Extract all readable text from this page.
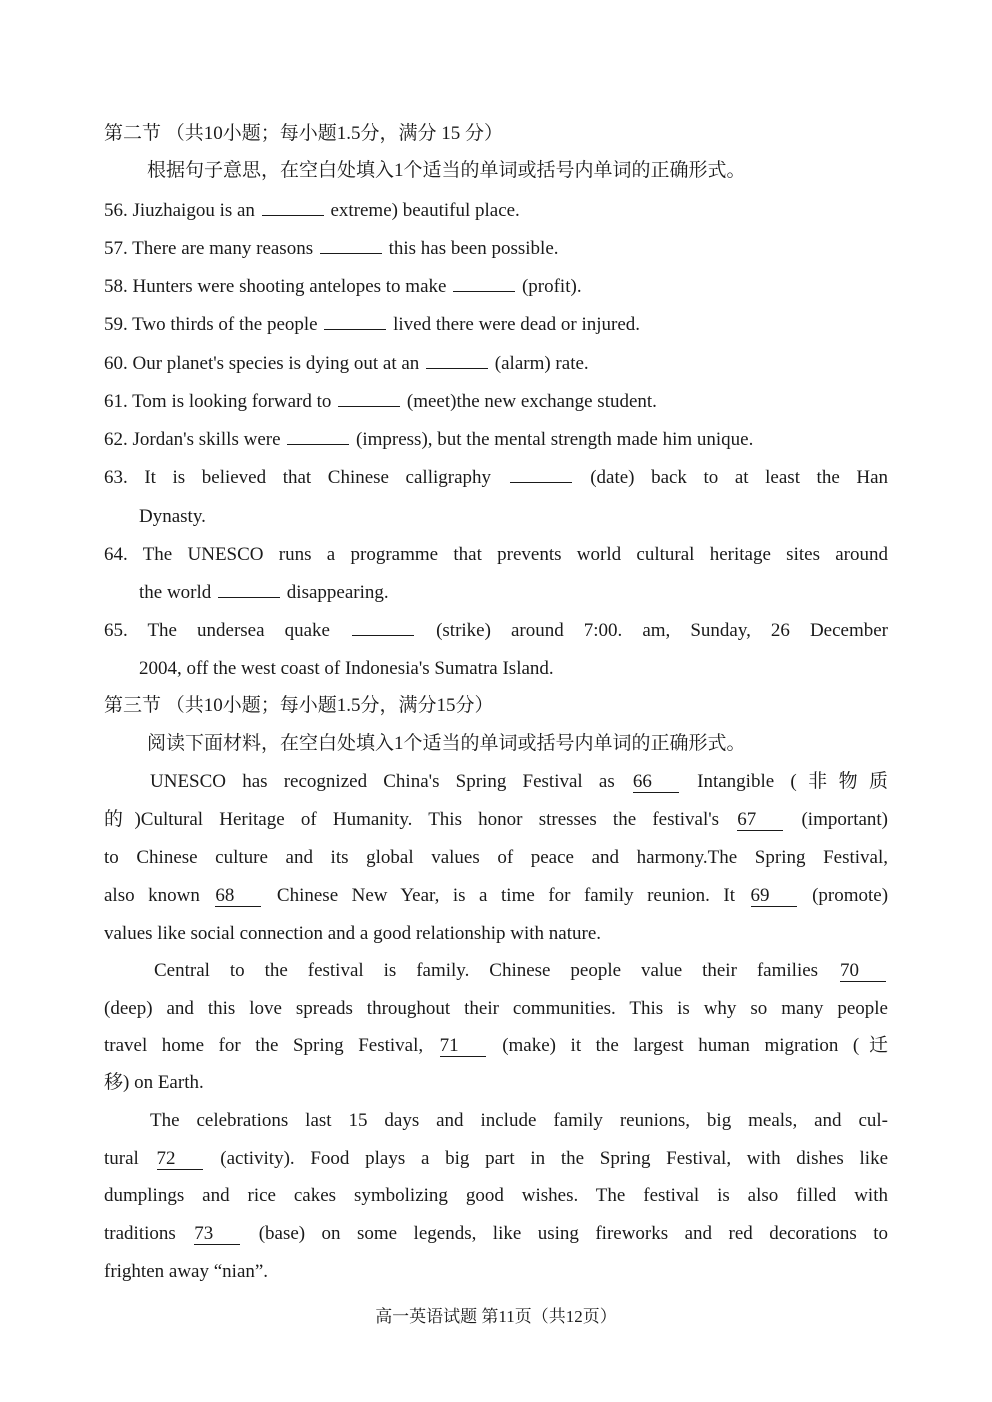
第二节 （共10小题；每小题1.5分，满分 15 分）
根据句子意思，在空白处填入1个适当的单词或括号内单词的正确形式。
56. Jiuzhaigou is an	extreme) beautiful place.
57. There are many reasons	this has been possible.
58. Hunters were shooting antelopes to make	(profit).
59. Two thirds of the people	lived there were dead or injured.
60. Our planet's species is dying out at an	(alarm) rate.
61. Tom is looking forward to	(meet)the new exchange student.
62. Jordan's skills were	(impress), but the mental strength made him unique.
63. It is believed that Chinese calligraphy	(date) back to at least the Han
Dynasty.
64. The UNESCO runs a programme that prevents world cultural heritage sites around
the world	disappearing.
65. The undersea quake	(strike) around 7:00. am, Sunday, 26 December
2004, off the west coast of Indonesia's Sumatra Island.
第三节 （共10小题；每小题1.5分，满分15分）
阅读下面材料，在空白处填入1个适当的单词或括号内单词的正确形式。
UNESCO has recognized China's Spring Festival as 66 Intangible (非物质
的)Cultural Heritage of Humanity. This honor stresses the festival's 67 (important)
to Chinese culture and its global values of peace and harmony.The Spring Festival,
also known 68 Chinese New Year, is a time for family reunion. It 69 (promote)
values like social connection and a good relationship with nature.
Central to the festival is family. Chinese people value their families 70
(deep) and this love spreads throughout their communities. This is why so many people
travel home for the Spring Festival, 71 (make) it the largest human migration (迁
移) on Earth.
The celebrations last 15 days and include family reunions, big meals, and cul-
tural 72 (activity). Food plays a big part in the Spring Festival, with dishes like
dumplings and rice cakes symbolizing good wishes. The festival is also filled with
traditions 73 (base) on some legends, like using fireworks and red decorations to
frighten away “nian”.
高一英语试题 第11页（共12页）
